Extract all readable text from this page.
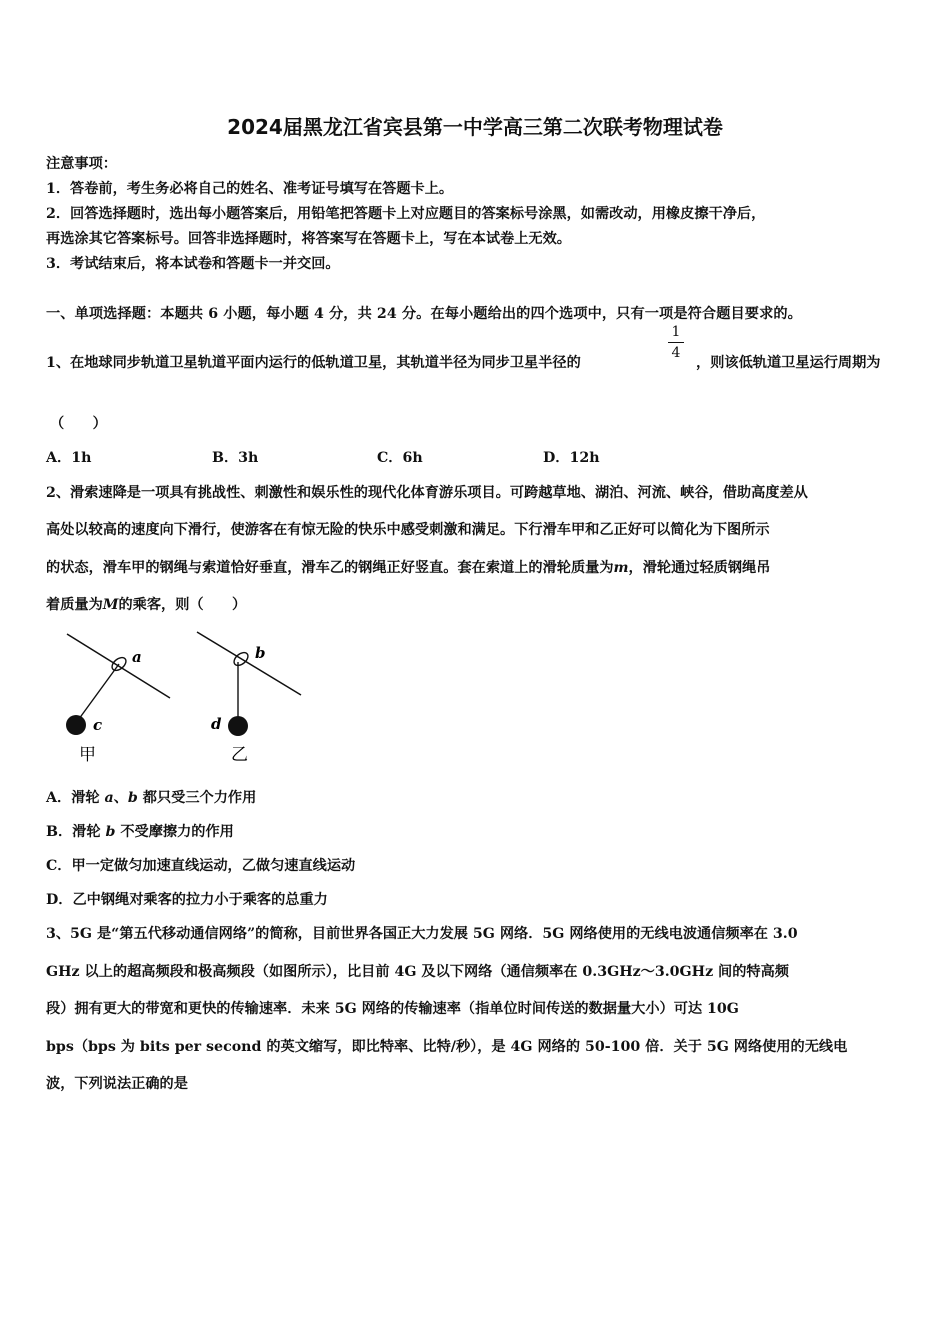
2024届黑龙江省宾县第一中学高三第二次联考物理试卷
注意事项：
1．答卷前，考生务必将自己的姓名、准考证号填写在答题卡上。
2．回答选择题时，选出每小题答案后，用铅笔把答题卡上对应题目的答案标号涂黑，如需改动，用橡皮擦干净后，
再选涂其它答案标号。回答非选择题时，将答案写在答题卡上，写在本试卷上无效。
3．考试结束后，将本试卷和答题卡一并交回。
一、单项选择题：本题共 6 小题，每小题 4 分，共 24 分。在每小题给出的四个选项中，只有一项是符合题目要求的。
1、在地球同步轨道卫星轨道平面内运行的低轨道卫星，其轨道半径为同步卫星半径的
1
4
，则该低轨道卫星运行周期为
（　　）
A．1h	B．3h	C．6h	D．12h
2、滑索速降是一项具有挑战性、刺激性和娱乐性的现代化体育游乐项目。可跨越草地、湖泊、河流、峡谷，借助高度差从
高处以较高的速度向下滑行，使游客在有惊无险的快乐中感受刺激和满足。下行滑车甲和乙正好可以简化为下图所示
的状态，滑车甲的钢绳与索道恰好垂直，滑车乙的钢绳正好竖直。套在索道上的滑轮质量为m，滑轮通过轻质钢绳吊
着质量为M的乘客，则（　　）
a
c
甲
b
d
乙
A．滑轮 a、b 都只受三个力作用
B．滑轮 b 不受摩擦力的作用
C．甲一定做匀加速直线运动，乙做匀速直线运动
D．乙中钢绳对乘客的拉力小于乘客的总重力
3、5G 是“第五代移动通信网络”的简称，目前世界各国正大力发展 5G 网络．5G 网络使用的无线电波通信频率在 3.0
GHz 以上的超高频段和极高频段（如图所示），比目前 4G 及以下网络（通信频率在 0.3GHz～3.0GHz 间的特高频
段）拥有更大的带宽和更快的传输速率．未来 5G 网络的传输速率（指单位时间传送的数据量大小）可达 10G
bps（bps 为 bits per second 的英文缩写，即比特率、比特/秒），是 4G 网络的 50-100 倍．关于 5G 网络使用的无线电
波，下列说法正确的是
